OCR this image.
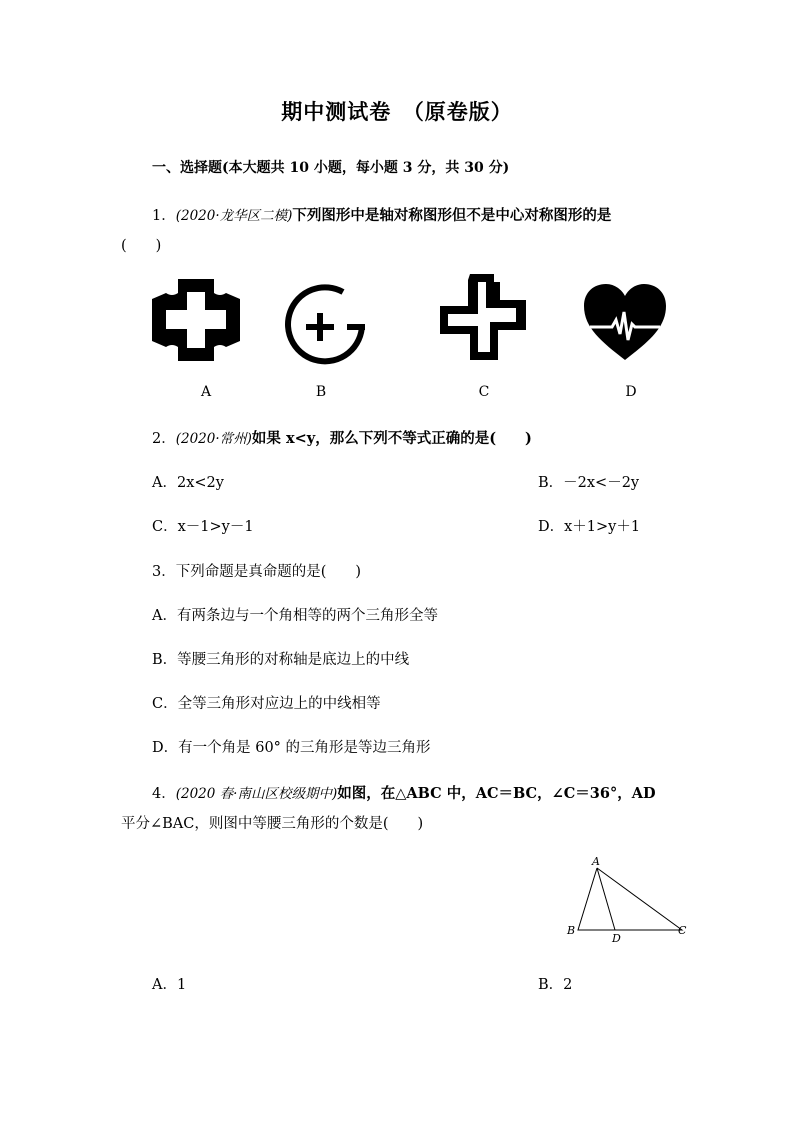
期中测试卷　（原卷版）
一、选择题(本大题共 10 小题，每小题 3 分，共 30 分)
1．(2020·龙华区二模)下列图形中是轴对称图形但不是中心对称图形的是
(　　)
A	B	C	D
2．(2020·常州)如果 x<y，那么下列不等式正确的是(　　)
A．2x<2y	B．－2x<－2y
C．x－1>y－1	D．x＋1>y＋1
3．下列命题是真命题的是(　　)
A．有两条边与一个角相等的两个三角形全等
B．等腰三角形的对称轴是底边上的中线
C．全等三角形对应边上的中线相等
D．有一个角是 60° 的三角形是等边三角形
4．(2020 春·南山区校级期中)如图，在△ABC 中，AC＝BC，∠C＝36°，AD
平分∠BAC，则图中等腰三角形的个数是(　　)
A
B
D
C
A．1	B．2
